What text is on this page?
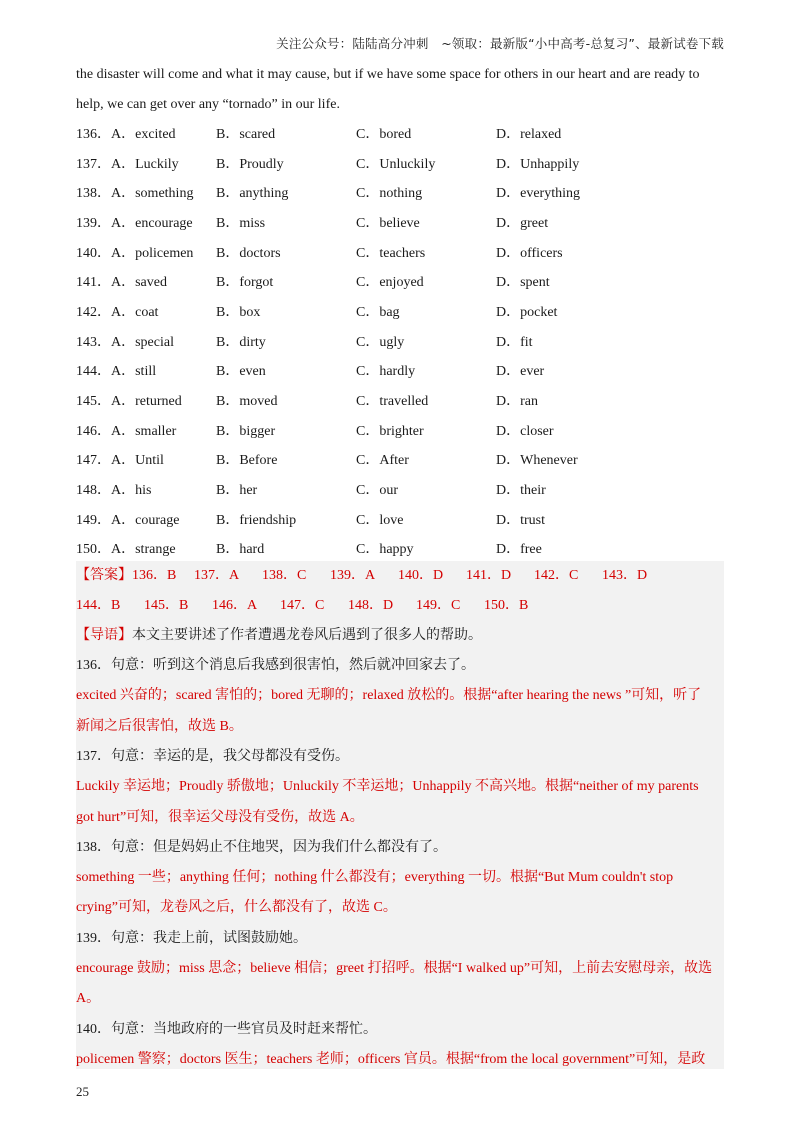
关注公众号：陆陆高分冲刺　~领取：最新版“小中高考-总复习”、最新试卷下载
the disaster will come and what it may cause, but if we have some space for others in our heart and are ready to
help, we can get over any “tornado” in our life.
136．A．excited	B．scared	C．bored	D．relaxed
137．A．Luckily	B．Proudly	C．Unluckily	D．Unhappily
138．A．something	B．anything	C．nothing	D．everything
139．A．encourage	B．miss	C．believe	D．greet
140．A．policemen	B．doctors	C．teachers	D．officers
141．A．saved	B．forgot	C．enjoyed	D．spent
142．A．coat	B．box	C．bag	D．pocket
143．A．special	B．dirty	C．ugly	D．fit
144．A．still	B．even	C．hardly	D．ever
145．A．returned	B．moved	C．travelled	D．ran
146．A．smaller	B．bigger	C．brighter	D．closer
147．A．Until	B．Before	C．After	D．Whenever
148．A．his	B．her	C．our	D．their
149．A．courage	B．friendship	C．love	D．trust
150．A．strange	B．hard	C．happy	D．free
【答案】136．B 137．A 138．C 139．A 140．D 141．D 142．C 143．D
144．B 145．B 146．A 147．C 148．D 149．C 150．B
【导语】本文主要讲述了作者遭遇龙卷风后遇到了很多人的帮助。
136．句意：听到这个消息后我感到很害怕，然后就冲回家去了。
excited 兴奋的；scared 害怕的；bored 无聊的；relaxed 放松的。根据“after hearing the news ”可知，听了
新闻之后很害怕，故选 B。
137．句意：幸运的是，我父母都没有受伤。
Luckily 幸运地；Proudly 骄傲地；Unluckily 不幸运地；Unhappily 不高兴地。根据“neither of my parents
got hurt”可知，很幸运父母没有受伤，故选 A。
138．句意：但是妈妈止不住地哭，因为我们什么都没有了。
something 一些；anything 任何；nothing 什么都没有；everything 一切。根据“But Mum couldn't stop
crying”可知，龙卷风之后，什么都没有了，故选 C。
139．句意：我走上前，试图鼓励她。
encourage 鼓励；miss 思念；believe 相信；greet 打招呼。根据“I walked up”可知，上前去安慰母亲，故选
A。
140．句意：当地政府的一些官员及时赶来帮忙。
policemen 警察；doctors 医生；teachers 老师；officers 官员。根据“from the local government”可知，是政
25
